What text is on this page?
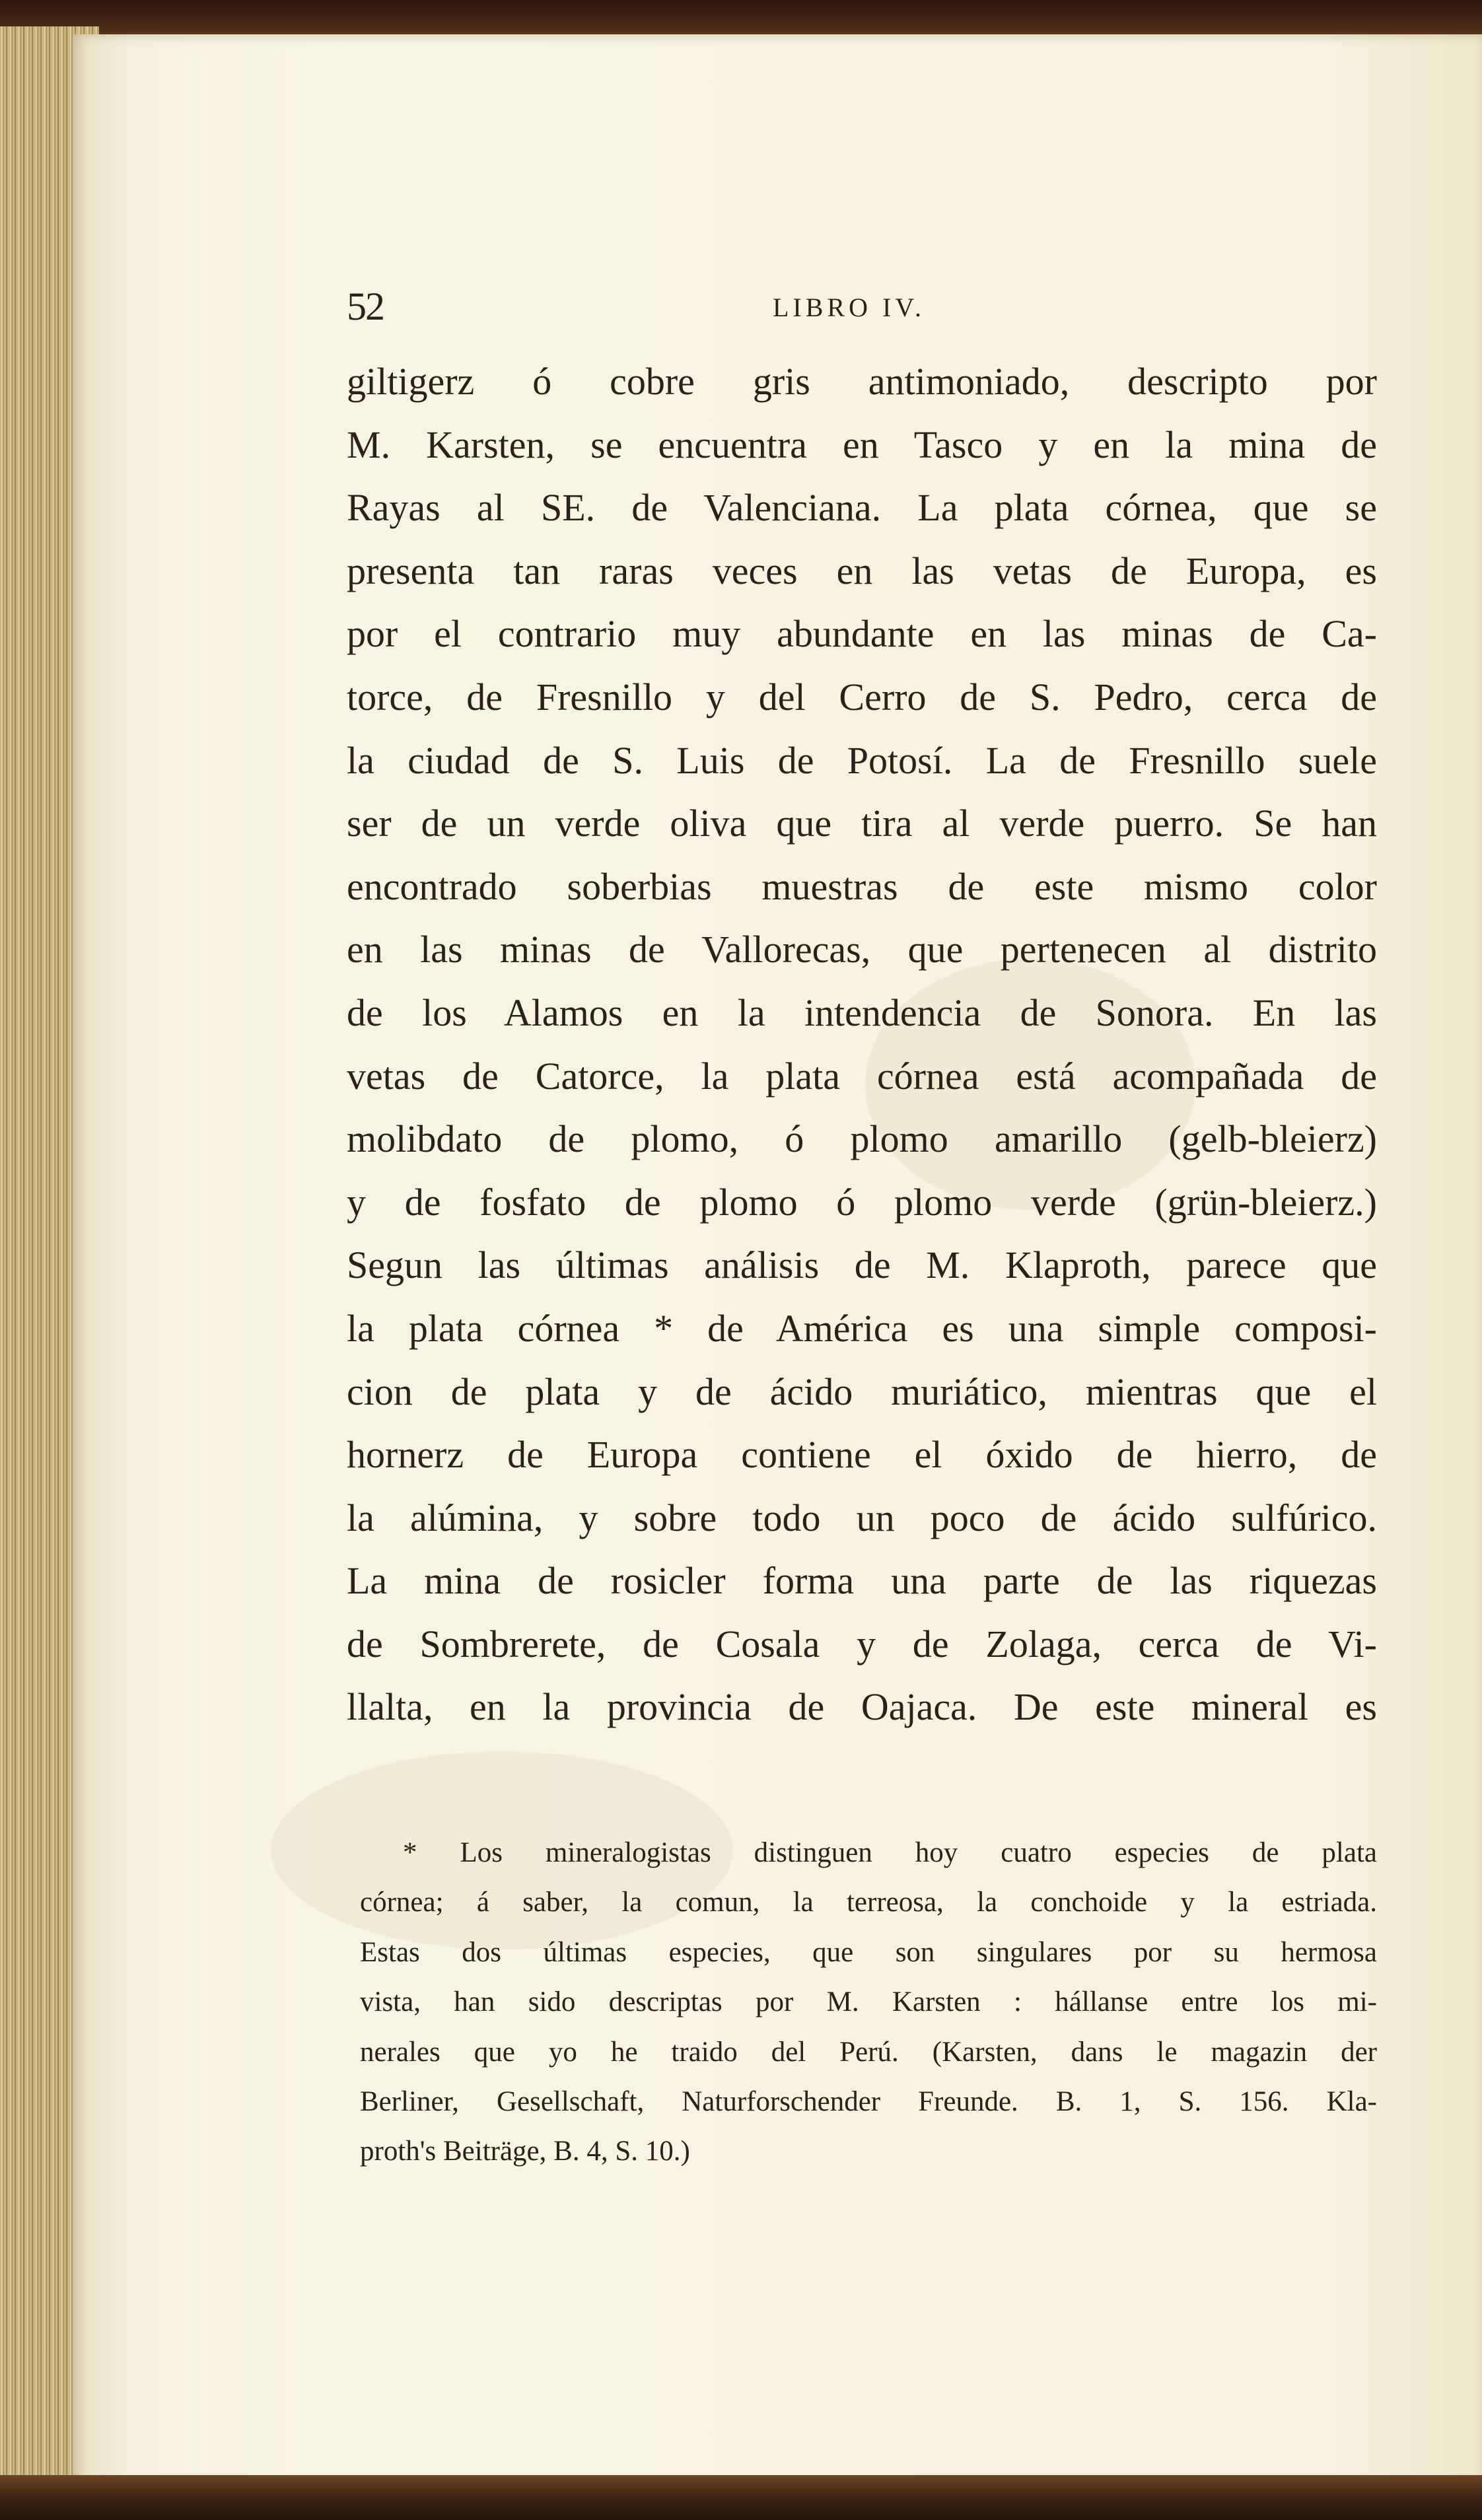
52	LIBRO IV.
giltigerz ó cobre gris antimoniado, descripto por
M. Karsten, se encuentra en Tasco y en la mina de
Rayas al SE. de Valenciana. La plata córnea, que se
presenta tan raras veces en las vetas de Europa, es
por el contrario muy abundante en las minas de Ca-
torce, de Fresnillo y del Cerro de S. Pedro, cerca de
la ciudad de S. Luis de Potosí. La de Fresnillo suele
ser de un verde oliva que tira al verde puerro. Se han
encontrado soberbias muestras de este mismo color
en las minas de Vallorecas, que pertenecen al distrito
de los Alamos en la intendencia de Sonora. En las
vetas de Catorce, la plata córnea está acompañada de
molibdato de plomo, ó plomo amarillo (gelb-bleierz)
y de fosfato de plomo ó plomo verde (grün-bleierz.)
Segun las últimas análisis de M. Klaproth, parece que
la plata córnea * de América es una simple composi-
cion de plata y de ácido muriático, mientras que el
hornerz de Europa contiene el óxido de hierro, de
la alúmina, y sobre todo un poco de ácido sulfúrico.
La mina de rosicler forma una parte de las riquezas
de Sombrerete, de Cosala y de Zolaga, cerca de Vi-
llalta, en la provincia de Oajaca. De este mineral es
* Los mineralogistas distinguen hoy cuatro especies de plata
córnea; á saber, la comun, la terreosa, la conchoide y la estriada.
Estas dos últimas especies, que son singulares por su hermosa
vista, han sido descriptas por M. Karsten : hállanse entre los mi-
nerales que yo he traido del Perú. (Karsten, dans le magazin der
Berliner, Gesellschaft, Naturforschender Freunde. B. 1, S. 156. Kla-
proth's Beiträge, B. 4, S. 10.)
